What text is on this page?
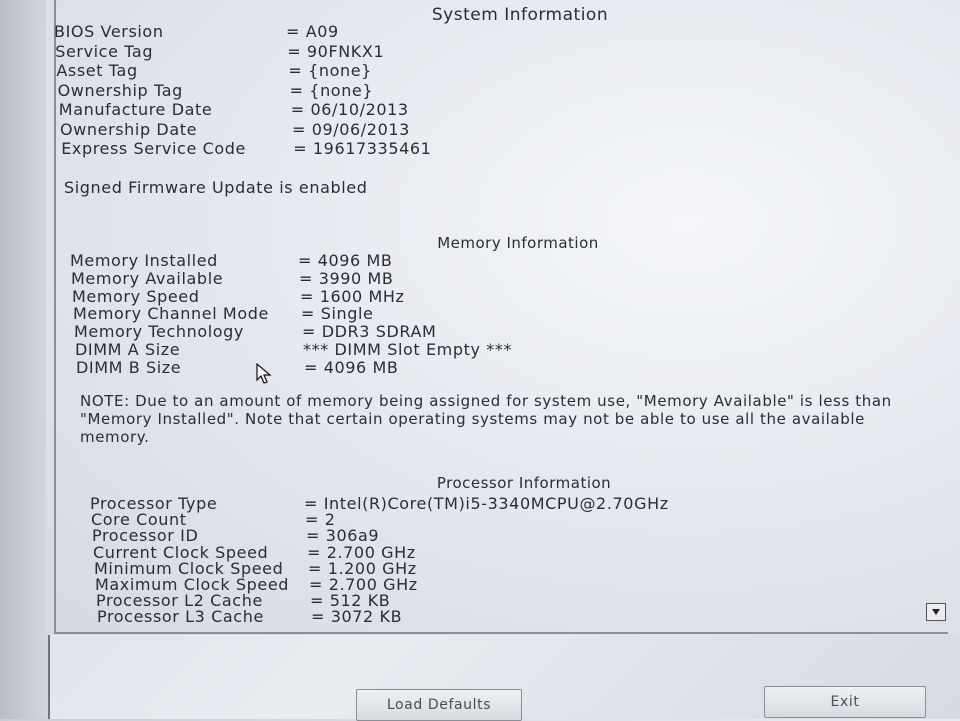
System Information
BIOS Version	= A09
Service Tag	= 90FNKX1
Asset Tag	= {none}
Ownership Tag	= {none}
Manufacture Date	= 06/10/2013
Ownership Date	= 09/06/2013
Express Service Code	= 19617335461
Signed Firmware Update is enabled
Memory Information
Memory Installed	= 4096 MB
Memory Available	= 3990 MB
Memory Speed	= 1600 MHz
Memory Channel Mode = Single
Memory Technology	= DDR3 SDRAM
DIMM A Size	*** DIMM Slot Empty ***
DIMM B Size	= 4096 MB
NOTE: Due to an amount of memory being assigned for system use, "Memory Available" is less than "Memory Installed". Note that certain operating systems may not be able to use all the available memory.
Processor Information
Processor Type	= Intel(R)Core(TM)i5-3340MCPU@2.70GHz
Core Count	= 2
Processor ID	= 306a9
Current Clock Speed = 2.700 GHz
Minimum Clock Speed = 1.200 GHz
Maximum Clock Speed = 2.700 GHz
Processor L2 Cache	= 512 KB
Processor L3 Cache	= 3072 KB
Load Defaults	Exit
